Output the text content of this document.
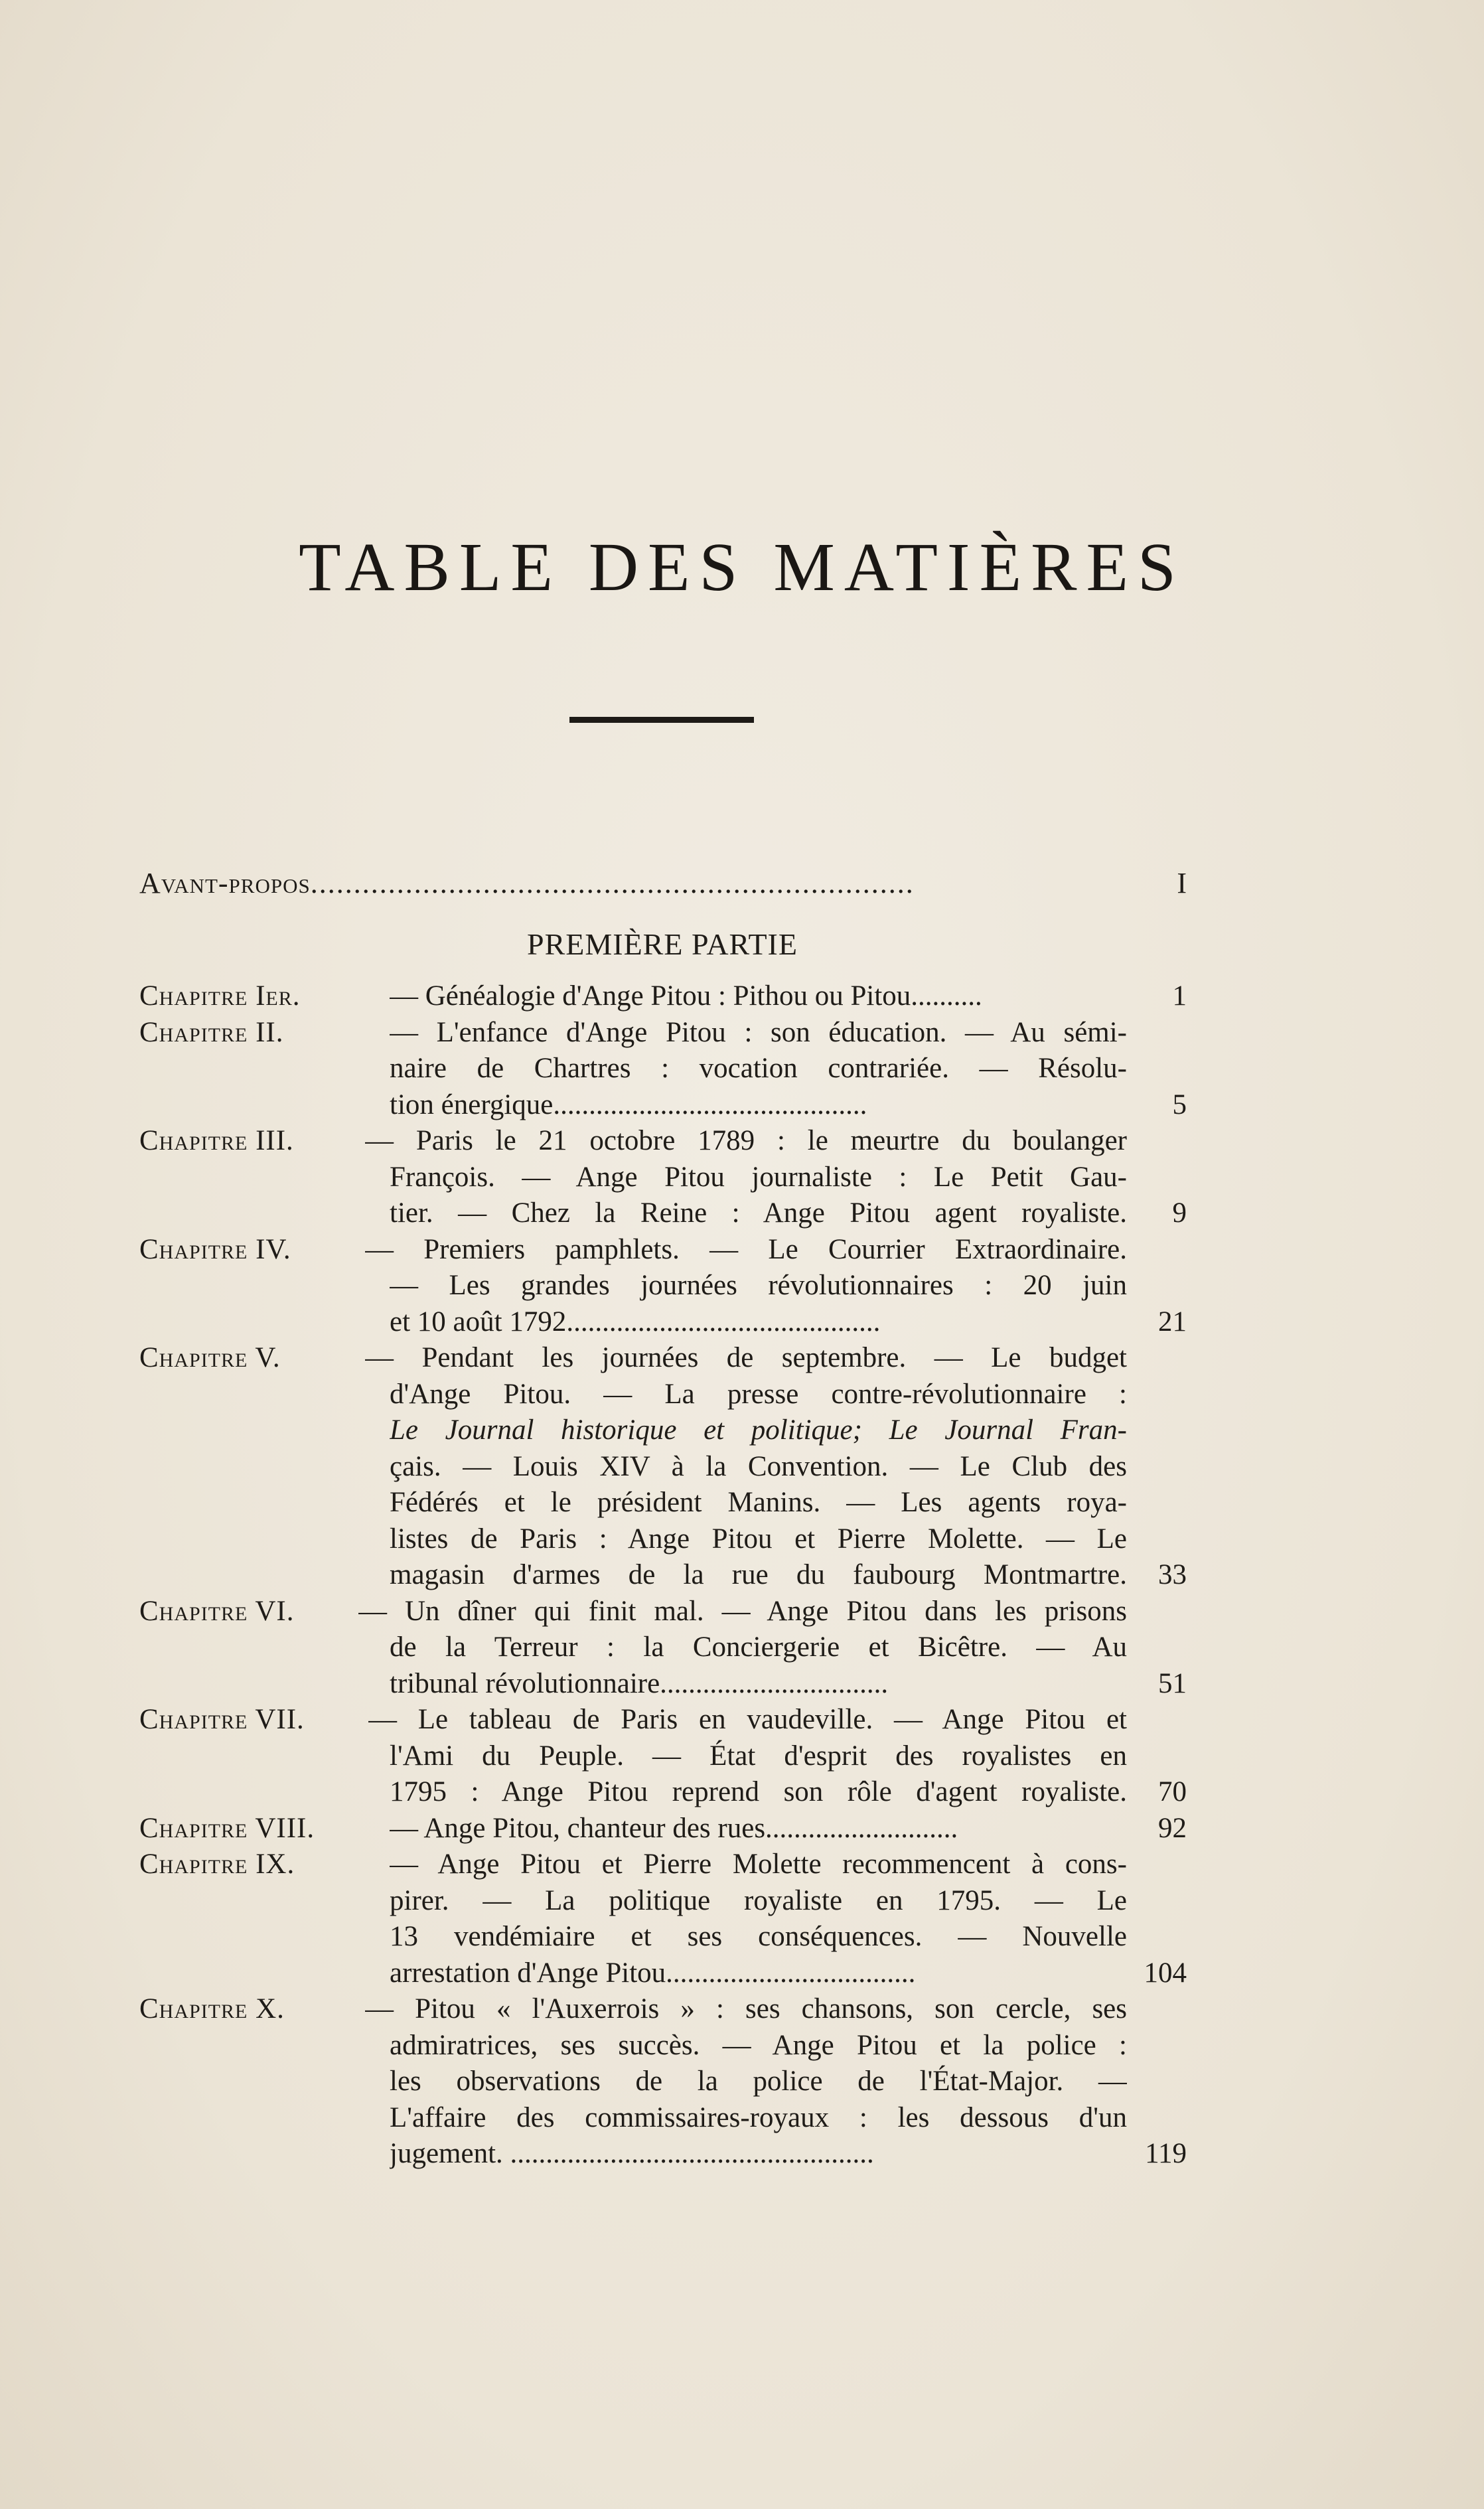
TABLE DES MATIÈRES
Avant-propos ......................................................................	I
PREMIÈRE PARTIE
Chapitre Ier.	— Généalogie d'Ange Pitou : Pithou ou Pitou..........	1
Chapitre II.	— L'enfance d'Ange Pitou : son éducation. — Au sémi-
naire de Chartres : vocation contrariée. — Résolu-
tion énergique............................................	5
Chapitre III.	— Paris le 21 octobre 1789 : le meurtre du boulanger
François. — Ange Pitou journaliste : Le Petit Gau-
tier. — Chez la Reine : Ange Pitou agent royaliste.	9
Chapitre IV.	— Premiers pamphlets. — Le Courrier Extraordinaire.
— Les grandes journées révolutionnaires : 20 juin
et 10 août 1792............................................	21
Chapitre V.	— Pendant les journées de septembre. — Le budget
d'Ange Pitou. — La presse contre-révolutionnaire :
Le Journal historique et politique; Le Journal Fran-
çais. — Louis XIV à la Convention. — Le Club des
Fédérés et le président Manins. — Les agents roya-
listes de Paris : Ange Pitou et Pierre Molette. — Le
magasin d'armes de la rue du faubourg Montmartre.	33
Chapitre VI.	— Un dîner qui finit mal. — Ange Pitou dans les prisons
de la Terreur : la Conciergerie et Bicêtre. — Au
tribunal révolutionnaire................................	51
Chapitre VII.	— Le tableau de Paris en vaudeville. — Ange Pitou et
l'Ami du Peuple. — État d'esprit des royalistes en
1795 : Ange Pitou reprend son rôle d'agent royaliste.	70
Chapitre VIII.	— Ange Pitou, chanteur des rues...........................	92
Chapitre IX.	— Ange Pitou et Pierre Molette recommencent à cons-
pirer. — La politique royaliste en 1795. — Le
13 vendémiaire et ses conséquences. — Nouvelle
arrestation d'Ange Pitou...................................	104
Chapitre X.	— Pitou « l'Auxerrois » : ses chansons, son cercle, ses
admiratrices, ses succès. — Ange Pitou et la police :
les observations de la police de l'État-Major. —
L'affaire des commissaires-royaux : les dessous d'un
jugement. ...................................................	119
